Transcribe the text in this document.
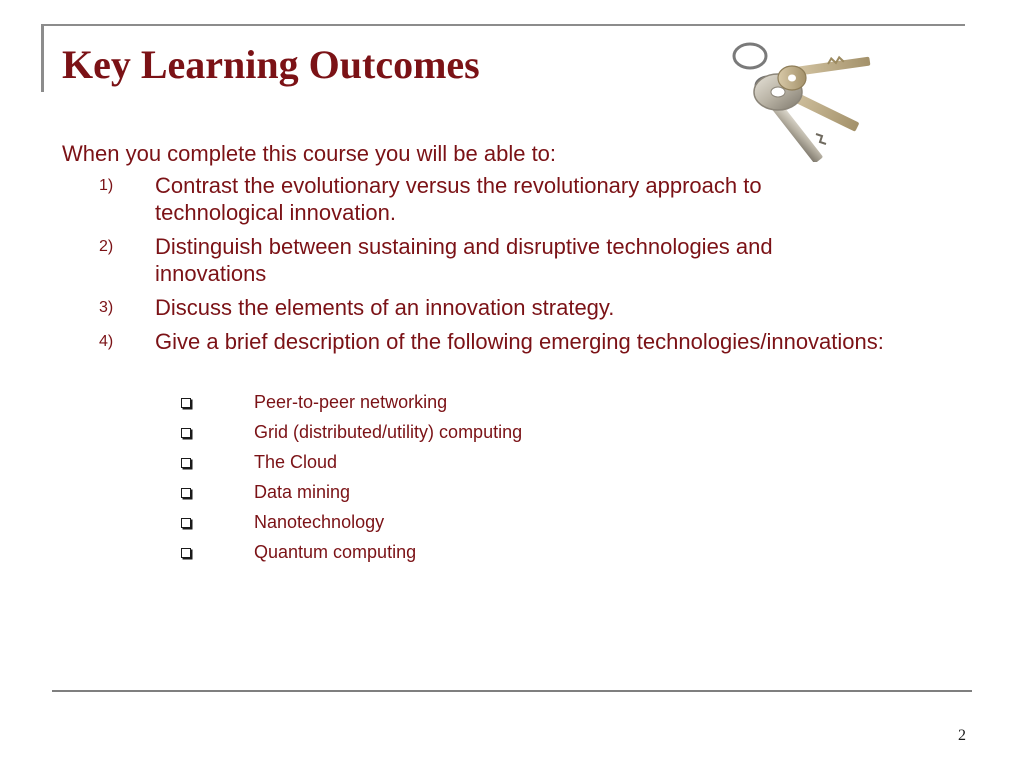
Key Learning Outcomes

When you complete this course you will be able to:

1) Contrast the evolutionary versus the revolutionary approach to technological innovation.
2) Distinguish between sustaining and disruptive technologies and innovations
3) Discuss the elements of an innovation strategy.
4) Give a brief description of the following emerging technologies/innovations:
Peer-to-peer networking
Grid (distributed/utility) computing
The Cloud
Data mining
Nanotechnology
Quantum computing
2
